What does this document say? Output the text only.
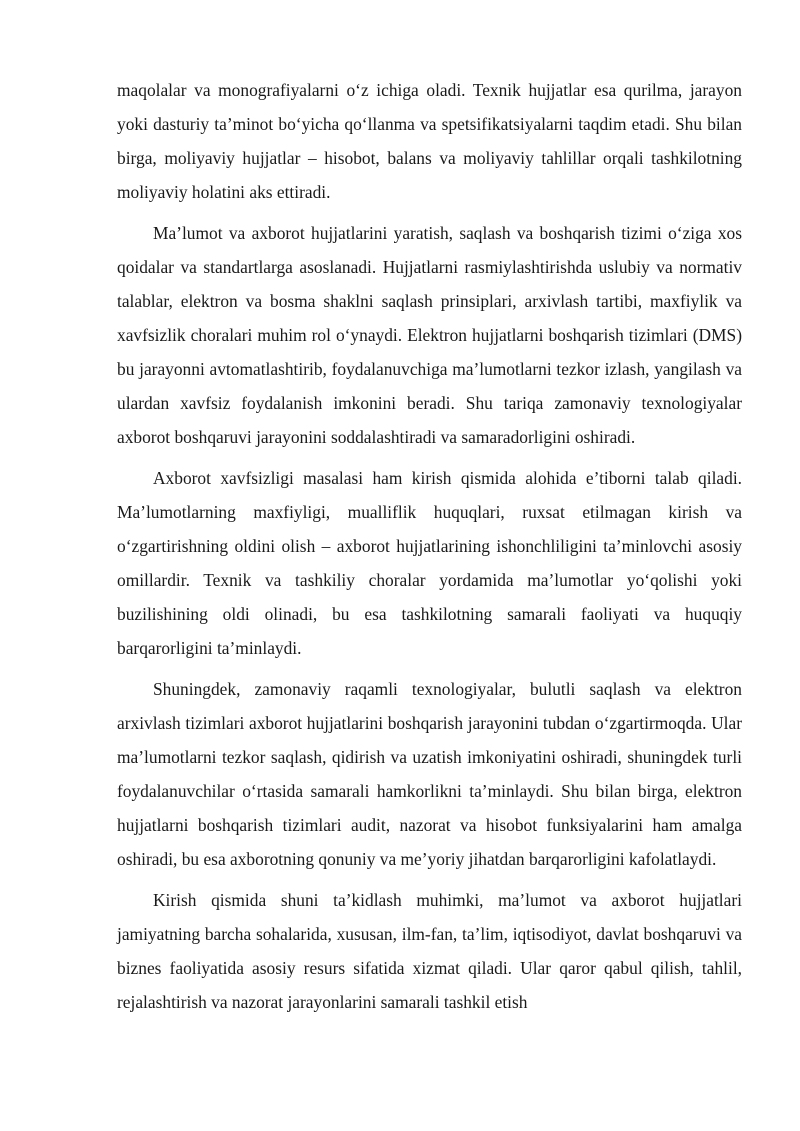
maqolalar va monografiyalarni o‘z ichiga oladi. Texnik hujjatlar esa qurilma, jarayon yoki dasturiy ta’minot bo‘yicha qo‘llanma va spetsifikatsiyalarni taqdim etadi. Shu bilan birga, moliyaviy hujjatlar – hisobot, balans va moliyaviy tahlillar orqali tashkilotning moliyaviy holatini aks ettiradi.

Ma’lumot va axborot hujjatlarini yaratish, saqlash va boshqarish tizimi o‘ziga xos qoidalar va standartlarga asoslanadi. Hujjatlarni rasmiylashtirishda uslubiy va normativ talablar, elektron va bosma shaklni saqlash prinsiplari, arxivlash tartibi, maxfiylik va xavfsizlik choralari muhim rol o‘ynaydi. Elektron hujjatlarni boshqarish tizimlari (DMS) bu jarayonni avtomatlashtirib, foydalanuvchiga ma’lumotlarni tezkor izlash, yangilash va ulardan xavfsiz foydalanish imkonini beradi. Shu tariqa zamonaviy texnologiyalar axborot boshqaruvi jarayonini soddalashtiradi va samaradorligini oshiradi.

Axborot xavfsizligi masalasi ham kirish qismida alohida e’tiborni talab qiladi. Ma’lumotlarning maxfiyligi, mualliflik huquqlari, ruxsat etilmagan kirish va o‘zgartirishning oldini olish – axborot hujjatlarining ishonchliligini ta’minlovchi asosiy omillardir. Texnik va tashkiliy choralar yordamida ma’lumotlar yo‘qolishi yoki buzilishining oldi olinadi, bu esa tashkilotning samarali faoliyati va huquqiy barqarorligini ta’minlaydi.

Shuningdek, zamonaviy raqamli texnologiyalar, bulutli saqlash va elektron arxivlash tizimlari axborot hujjatlarini boshqarish jarayonini tubdan o‘zgartirmoqda. Ular ma’lumotlarni tezkor saqlash, qidirish va uzatish imkoniyatini oshiradi, shuningdek turli foydalanuvchilar o‘rtasida samarali hamkorlikni ta’minlaydi. Shu bilan birga, elektron hujjatlarni boshqarish tizimlari audit, nazorat va hisobot funksiyalarini ham amalga oshiradi, bu esa axborotning qonuniy va me’yoriy jihatdan barqarorligini kafolatlaydi.

Kirish qismida shuni ta’kidlash muhimki, ma’lumot va axborot hujjatlari jamiyatning barcha sohalarida, xususan, ilm-fan, ta’lim, iqtisodiyot, davlat boshqaruvi va biznes faoliyatida asosiy resurs sifatida xizmat qiladi. Ular qaror qabul qilish, tahlil, rejalashtirish va nazorat jarayonlarini samarali tashkil etish
